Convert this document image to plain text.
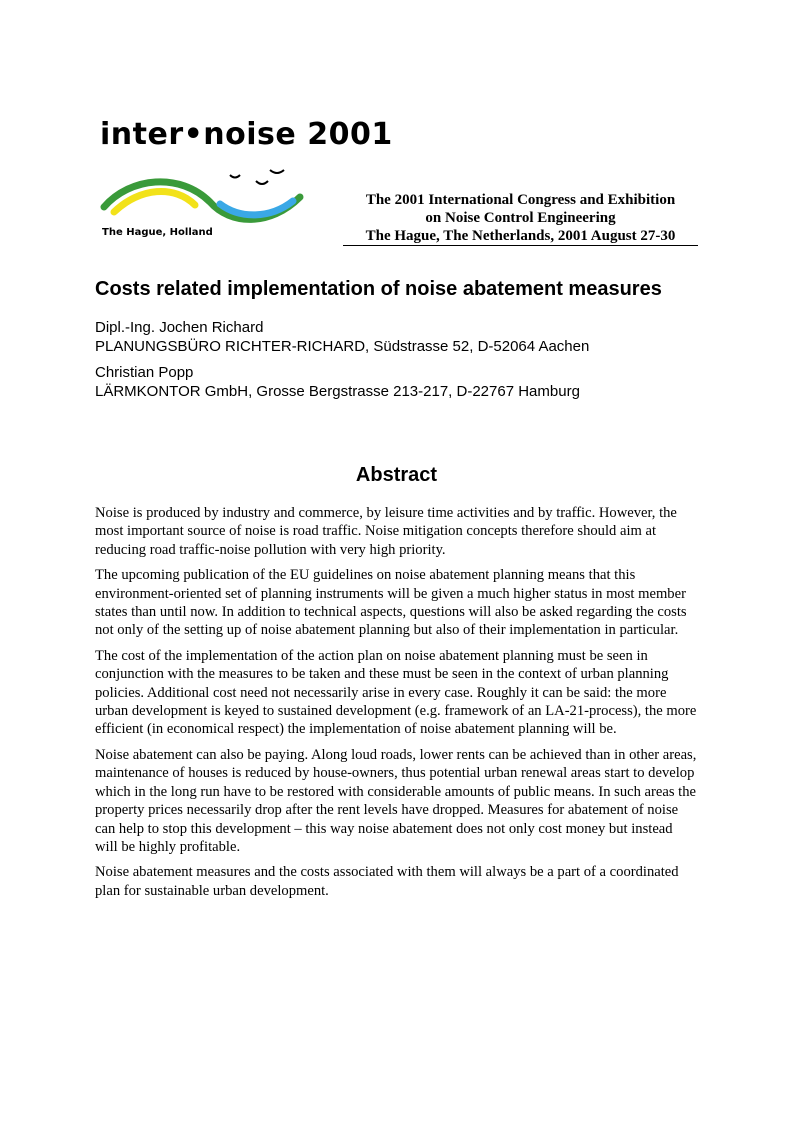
inter•noise 2001
The Hague, Holland
The 2001 International Congress and Exhibition
on Noise Control Engineering
The Hague, The Netherlands, 2001 August 27-30
Costs related implementation of noise abatement measures
Dipl.-Ing. Jochen Richard
PLANUNGSBÜRO RICHTER-RICHARD, Südstrasse 52, D-52064 Aachen
Christian Popp
LÄRMKONTOR GmbH, Grosse Bergstrasse 213-217, D-22767 Hamburg
Abstract

Noise is produced by industry and commerce, by leisure time activities and by traffic. However, the most important source of noise is road traffic. Noise mitigation concepts therefore should aim at reducing road traffic-noise pollution with very high priority.

The upcoming publication of the EU guidelines on noise abatement planning means that this environment-oriented set of planning instruments will be given a much higher status in most member states than until now. In addition to technical aspects, questions will also be asked regarding the costs not only of the setting up of noise abatement planning but also of their implementation in particular.

The cost of the implementation of the action plan on noise abatement planning must be seen in conjunction with the measures to be taken and these must be seen in the context of urban planning policies. Additional cost need not necessarily arise in every case. Roughly it can be said: the more urban development is keyed to sustained development (e.g. framework of an LA-21-process), the more efficient (in economical respect) the implementation of noise abatement planning will be.

Noise abatement can also be paying. Along loud roads, lower rents can be achieved than in other areas, maintenance of houses is reduced by house-owners, thus potential urban renewal areas start to develop which in the long run have to be restored with considerable amounts of public means. In such areas the property prices necessarily drop after the rent levels have dropped. Measures for abatement of noise can help to stop this development – this way noise abatement does not only cost money but instead will be highly profitable.

Noise abatement measures and the costs associated with them will always be a part of a coordinated plan for sustainable urban development.
